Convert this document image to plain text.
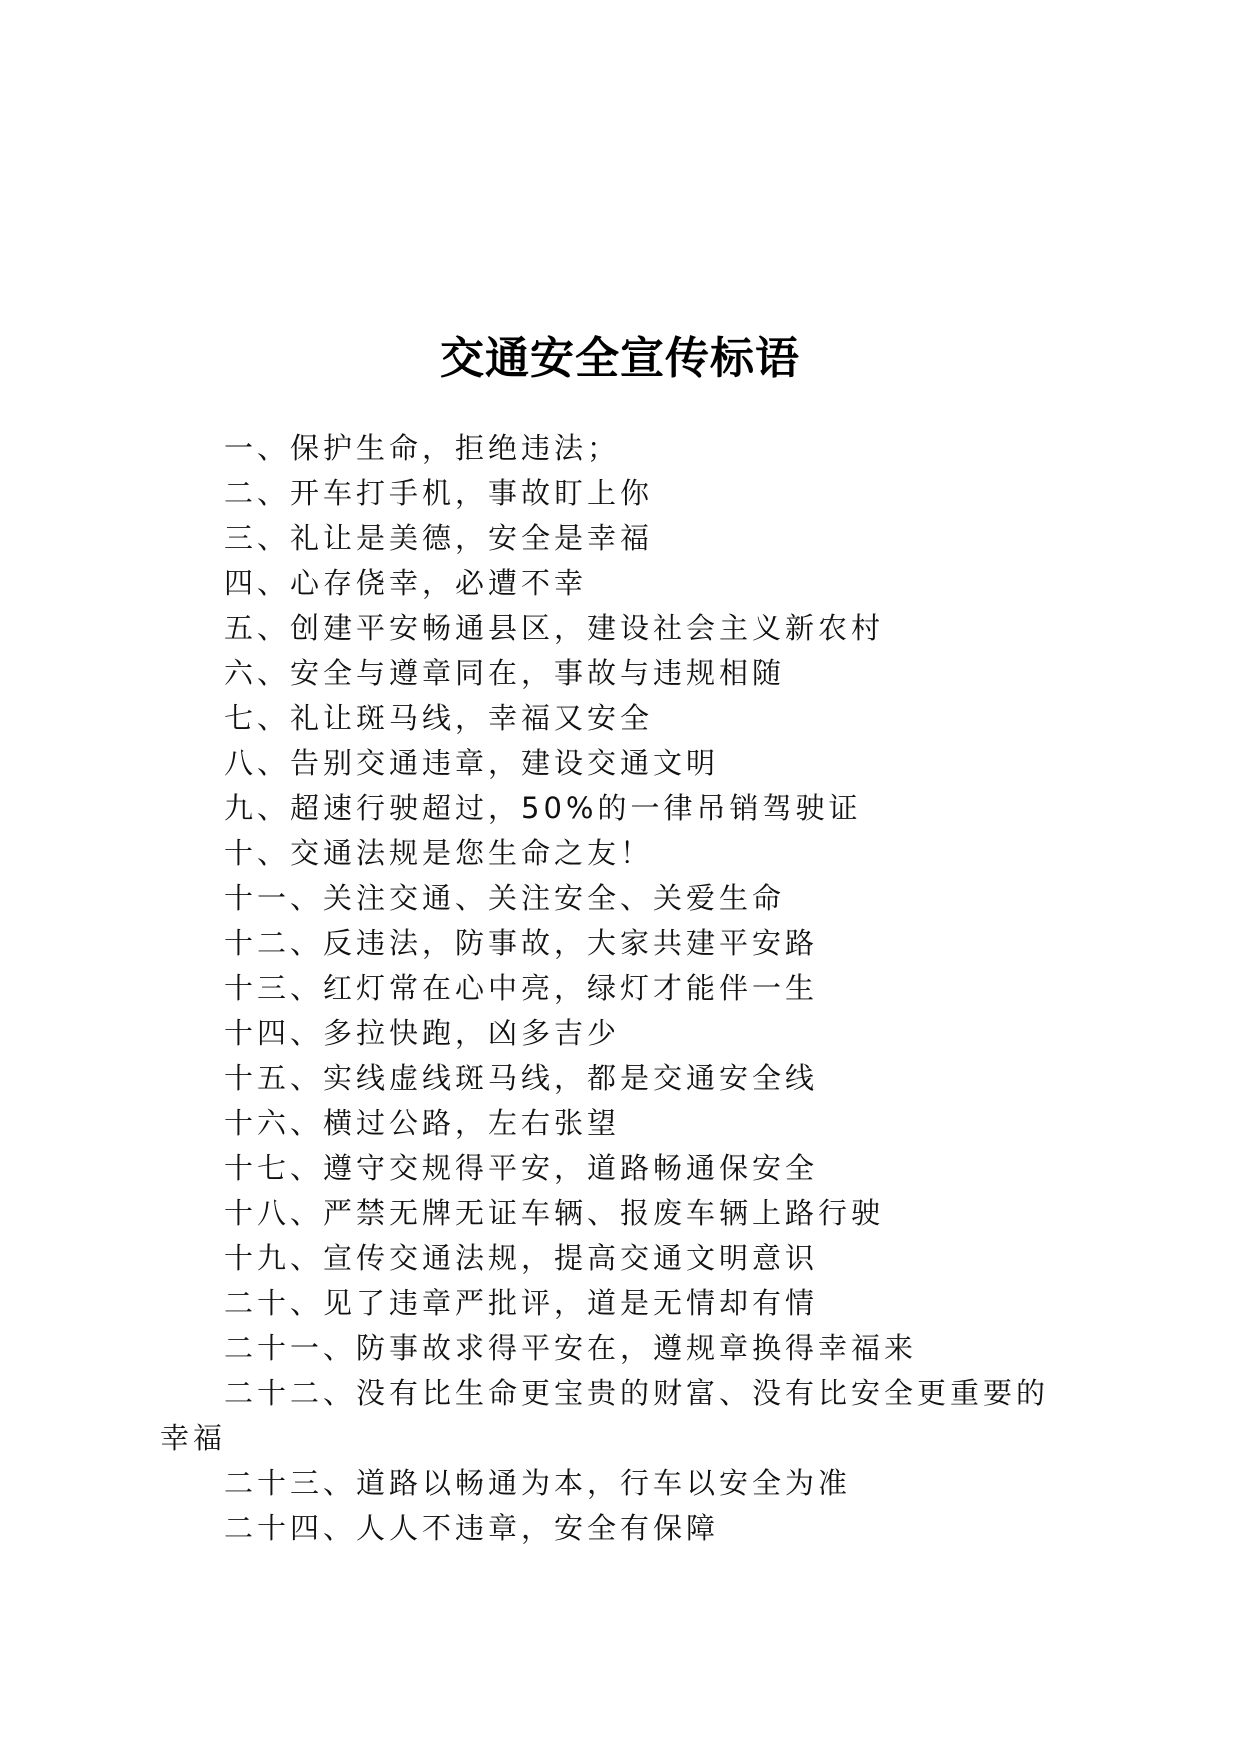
交通安全宣传标语
一、保护生命，拒绝违法；
二、开车打手机，事故盯上你
三、礼让是美德，安全是幸福
四、心存侥幸，必遭不幸
五、创建平安畅通县区，建设社会主义新农村
六、安全与遵章同在，事故与违规相随
七、礼让斑马线，幸福又安全
八、告别交通违章，建设交通文明
九、超速行驶超过，50%的一律吊销驾驶证
十、交通法规是您生命之友！
十一、关注交通、关注安全、关爱生命
十二、反违法，防事故，大家共建平安路
十三、红灯常在心中亮，绿灯才能伴一生
十四、多拉快跑，凶多吉少
十五、实线虚线斑马线，都是交通安全线
十六、横过公路，左右张望
十七、遵守交规得平安，道路畅通保安全
十八、严禁无牌无证车辆、报废车辆上路行驶
十九、宣传交通法规，提高交通文明意识
二十、见了违章严批评，道是无情却有情
二十一、防事故求得平安在，遵规章换得幸福来
二十二、没有比生命更宝贵的财富、没有比安全更重要的幸福
二十三、道路以畅通为本，行车以安全为准
二十四、人人不违章，安全有保障
